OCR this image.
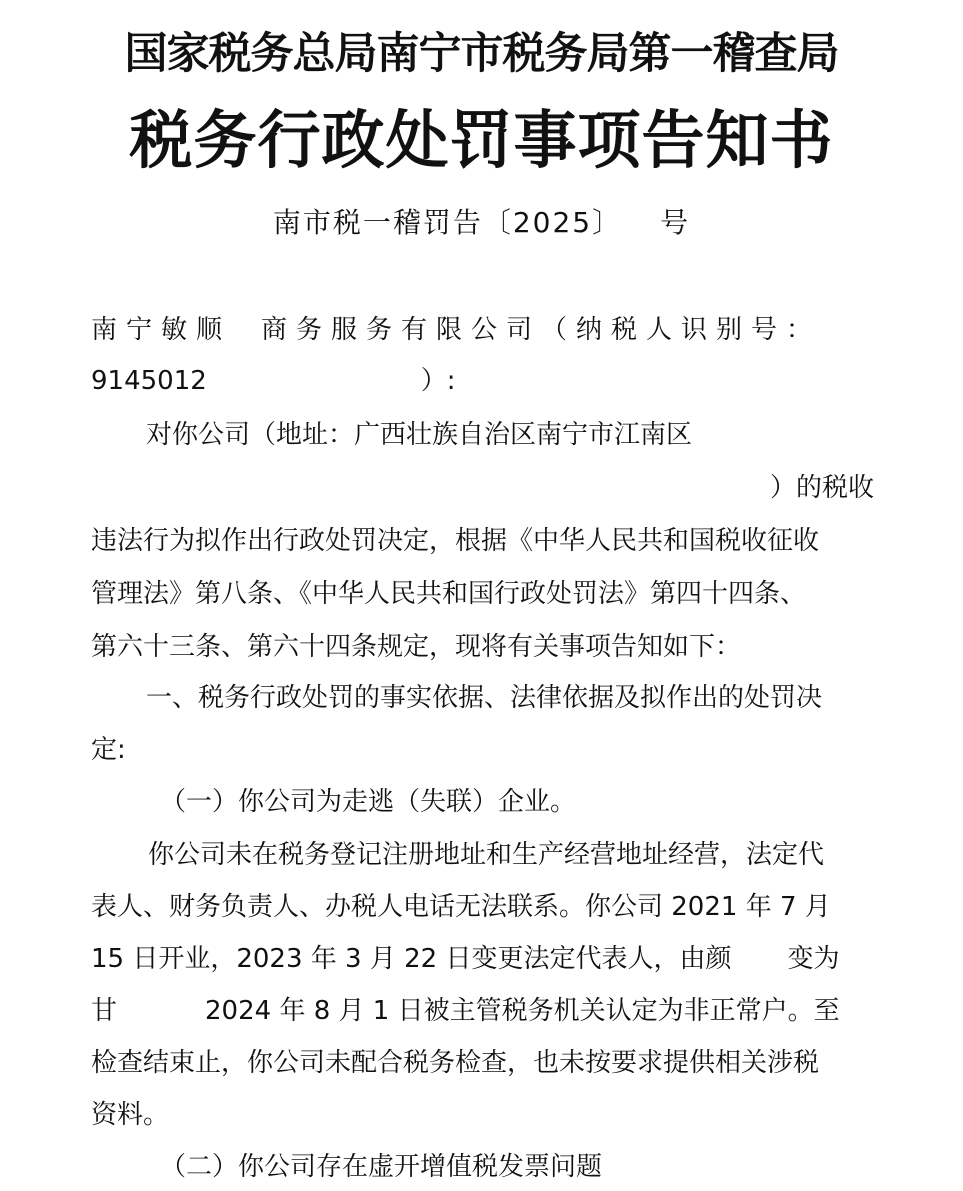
国家税务总局南宁市税务局第一稽查局
税务行政处罚事项告知书
南市税一稽罚告〔2025〕 号
南宁敏顺 商务服务有限公司（纳税人识别号：
9145012	）:
对你公司（地址：广西壮族自治区南宁市江南区
）的税收
违法行为拟作出行政处罚决定，根据《中华人民共和国税收征收
管理法》第八条、《中华人民共和国行政处罚法》第四十四条、
第六十三条、第六十四条规定，现将有关事项告知如下：
一、税务行政处罚的事实依据、法律依据及拟作出的处罚决
定:
（一）你公司为走逃（失联）企业。
你公司未在税务登记注册地址和生产经营地址经营，法定代
表人、财务负责人、办税人电话无法联系。你公司 2021 年 7 月
15 日开业，2023 年 3 月 22 日变更法定代表人，由颜 变为
甘	2024 年 8 月 1 日被主管税务机关认定为非正常户。至
检查结束止，你公司未配合税务检查，也未按要求提供相关涉税
资料。
（二）你公司存在虚开增值税发票问题
